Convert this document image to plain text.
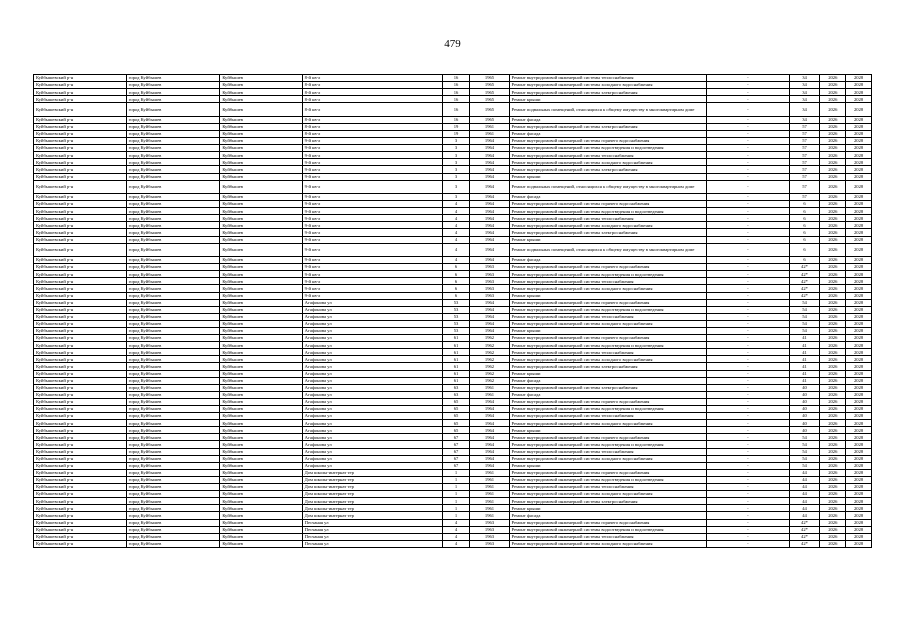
479
Куйбышевский р-н	город Куйбышев	Куйбышев	8-й кв-л	16	1965	Ремонт внутридомовой инженерной системы теплоснабжения	-	34	2026	2028
Куйбышевский р-н	город Куйбышев	Куйбышев	8-й кв-л	16	1965	Ремонт внутридомовой инженерной системы холодного водоснабжения	-	34	2026	2028
Куйбышевский р-н	город Куйбышев	Куйбышев	8-й кв-л	16	1965	Ремонт внутридомовой инженерной системы электроснабжения	-	34	2026	2028
Куйбышевский р-н	город Куйбышев	Куйбышев	8-й кв-л	16	1965	Ремонт крыши	-	34	2026	2028
Куйбышевский р-н	город Куйбышев	Куйбышев	8-й кв-л	16	1965	Ремонт подвальных помещений, относящихся к общему имуществу в многоквартирном доме	-	34	2026	2028
Куйбышевский р-н	город Куйбышев	Куйбышев	8-й кв-л	16	1965	Ремонт фасада	-	34	2026	2028
Куйбышевский р-н	город Куйбышев	Куйбышев	8-й кв-л	19	1961	Ремонт внутридомовой инженерной системы электроснабжения	-	57	2026	2028
Куйбышевский р-н	город Куйбышев	Куйбышев	8-й кв-л	19	1961	Ремонт фасада	-	57	2026	2028
Куйбышевский р-н	город Куйбышев	Куйбышев	9-й кв-л	3	1964	Ремонт внутридомовой инженерной системы горячего водоснабжения	-	57	2026	2028
Куйбышевский р-н	город Куйбышев	Куйбышев	9-й кв-л	3	1964	Ремонт внутридомовой инженерной системы водоотведения и водоотведения	-	57	2026	2028
Куйбышевский р-н	город Куйбышев	Куйбышев	9-й кв-л	3	1964	Ремонт внутридомовой инженерной системы теплоснабжения	-	57	2026	2028
Куйбышевский р-н	город Куйбышев	Куйбышев	9-й кв-л	3	1964	Ремонт внутридомовой инженерной системы холодного водоснабжения	-	57	2026	2028
Куйбышевский р-н	город Куйбышев	Куйбышев	9-й кв-л	3	1964	Ремонт внутридомовой инженерной системы электроснабжения	-	57	2026	2028
Куйбышевский р-н	город Куйбышев	Куйбышев	9-й кв-л	3	1964	Ремонт крыши	-	57	2026	2028
Куйбышевский р-н	город Куйбышев	Куйбышев	9-й кв-л	3	1964	Ремонт подвальных помещений, относящихся к общему имуществу в многоквартирном доме	-	57	2026	2028
Куйбышевский р-н	город Куйбышев	Куйбышев	9-й кв-л	3	1964	Ремонт фасада	-	57	2026	2028
Куйбышевский р-н	город Куйбышев	Куйбышев	9-й кв-л	4	1964	Ремонт внутридомовой инженерной системы горячего водоснабжения	-	6	2026	2028
Куйбышевский р-н	город Куйбышев	Куйбышев	9-й кв-л	4	1964	Ремонт внутридомовой инженерной системы водоотведения и водоотведения	-	6	2026	2028
Куйбышевский р-н	город Куйбышев	Куйбышев	9-й кв-л	4	1964	Ремонт внутридомовой инженерной системы теплоснабжения	-	6	2026	2028
Куйбышевский р-н	город Куйбышев	Куйбышев	9-й кв-л	4	1964	Ремонт внутридомовой инженерной системы холодного водоснабжения	-	6	2026	2028
Куйбышевский р-н	город Куйбышев	Куйбышев	9-й кв-л	4	1964	Ремонт внутридомовой инженерной системы электроснабжения	-	6	2026	2028
Куйбышевский р-н	город Куйбышев	Куйбышев	9-й кв-л	4	1964	Ремонт крыши	-	6	2026	2028
Куйбышевский р-н	город Куйбышев	Куйбышев	9-й кв-л	4	1964	Ремонт подвальных помещений, относящихся к общему имуществу в многоквартирном доме	-	6	2026	2028
Куйбышевский р-н	город Куйбышев	Куйбышев	9-й кв-л	4	1964	Ремонт фасада	-	6	2026	2028
Куйбышевский р-н	город Куйбышев	Куйбышев	9-й кв-л	6	1963	Ремонт внутридомовой инженерной системы горячего водоснабжения	-	42*	2026	2028
Куйбышевский р-н	город Куйбышев	Куйбышев	9-й кв-л	6	1963	Ремонт внутридомовой инженерной системы водоотведения и водоотведения	-	42*	2026	2028
Куйбышевский р-н	город Куйбышев	Куйбышев	9-й кв-л	6	1963	Ремонт внутридомовой инженерной системы теплоснабжения	-	42*	2026	2028
Куйбышевский р-н	город Куйбышев	Куйбышев	9-й кв-л	6	1963	Ремонт внутридомовой инженерной системы холодного водоснабжения	-	42*	2026	2028
Куйбышевский р-н	город Куйбышев	Куйбышев	9-й кв-л	6	1963	Ремонт крыши	-	42*	2026	2028
Куйбышевский р-н	город Куйбышев	Куйбышев	Агафонова ул	53	1964	Ремонт внутридомовой инженерной системы горячего водоснабжения	-	54	2026	2028
Куйбышевский р-н	город Куйбышев	Куйбышев	Агафонова ул	53	1964	Ремонт внутридомовой инженерной системы водоотведения и водоотведения	-	54	2026	2028
Куйбышевский р-н	город Куйбышев	Куйбышев	Агафонова ул	53	1964	Ремонт внутридомовой инженерной системы теплоснабжения	-	54	2026	2028
Куйбышевский р-н	город Куйбышев	Куйбышев	Агафонова ул	53	1964	Ремонт внутридомовой инженерной системы холодного водоснабжения	-	54	2026	2028
Куйбышевский р-н	город Куйбышев	Куйбышев	Агафонова ул	53	1964	Ремонт крыши	-	54	2026	2028
Куйбышевский р-н	город Куйбышев	Куйбышев	Агафонова ул	61	1962	Ремонт внутридомовой инженерной системы горячего водоснабжения	-	41	2026	2028
Куйбышевский р-н	город Куйбышев	Куйбышев	Агафонова ул	61	1962	Ремонт внутридомовой инженерной системы водоотведения и водоотведения	-	41	2026	2028
Куйбышевский р-н	город Куйбышев	Куйбышев	Агафонова ул	61	1962	Ремонт внутридомовой инженерной системы теплоснабжения	-	41	2026	2028
Куйбышевский р-н	город Куйбышев	Куйбышев	Агафонова ул	61	1962	Ремонт внутридомовой инженерной системы холодного водоснабжения	-	41	2026	2028
Куйбышевский р-н	город Куйбышев	Куйбышев	Агафонова ул	61	1962	Ремонт внутридомовой инженерной системы электроснабжения	-	41	2026	2028
Куйбышевский р-н	город Куйбышев	Куйбышев	Агафонова ул	61	1962	Ремонт крыши	-	41	2026	2028
Куйбышевский р-н	город Куйбышев	Куйбышев	Агафонова ул	61	1962	Ремонт фасада	-	41	2026	2028
Куйбышевский р-н	город Куйбышев	Куйбышев	Агафонова ул	63	1961	Ремонт внутридомовой инженерной системы электроснабжения	-	40	2026	2028
Куйбышевский р-н	город Куйбышев	Куйбышев	Агафонова ул	63	1961	Ремонт фасада	-	40	2026	2028
Куйбышевский р-н	город Куйбышев	Куйбышев	Агафонова ул	65	1964	Ремонт внутридомовой инженерной системы горячего водоснабжения	-	40	2026	2028
Куйбышевский р-н	город Куйбышев	Куйбышев	Агафонова ул	65	1964	Ремонт внутридомовой инженерной системы водоотведения и водоотведения	-	40	2026	2028
Куйбышевский р-н	город Куйбышев	Куйбышев	Агафонова ул	65	1964	Ремонт внутридомовой инженерной системы теплоснабжения	-	40	2026	2028
Куйбышевский р-н	город Куйбышев	Куйбышев	Агафонова ул	65	1964	Ремонт внутридомовой инженерной системы холодного водоснабжения	-	40	2026	2028
Куйбышевский р-н	город Куйбышев	Куйбышев	Агафонова ул	65	1964	Ремонт крыши	-	40	2026	2028
Куйбышевский р-н	город Куйбышев	Куйбышев	Агафонова ул	67	1964	Ремонт внутридомовой инженерной системы горячего водоснабжения	-	54	2026	2028
Куйбышевский р-н	город Куйбышев	Куйбышев	Агафонова ул	67	1964	Ремонт внутридомовой инженерной системы водоотведения и водоотведения	-	54	2026	2028
Куйбышевский р-н	город Куйбышев	Куйбышев	Агафонова ул	67	1964	Ремонт внутридомовой инженерной системы теплоснабжения	-	54	2026	2028
Куйбышевский р-н	город Куйбышев	Куйбышев	Агафонова ул	67	1964	Ремонт внутридомовой инженерной системы холодного водоснабжения	-	54	2026	2028
Куйбышевский р-н	город Куйбышев	Куйбышев	Агафонова ул	67	1964	Ремонт крыши	-	54	2026	2028
Куйбышевский р-н	город Куйбышев	Куйбышев	Дом школы-интернат тер	1	1961	Ремонт внутридомовой инженерной системы горячего водоснабжения	-	44	2026	2028
Куйбышевский р-н	город Куйбышев	Куйбышев	Дом школы-интернат тер	1	1961	Ремонт внутридомовой инженерной системы водоотведения и водоотведения	-	44	2026	2028
Куйбышевский р-н	город Куйбышев	Куйбышев	Дом школы-интернат тер	1	1961	Ремонт внутридомовой инженерной системы теплоснабжения	-	44	2026	2028
Куйбышевский р-н	город Куйбышев	Куйбышев	Дом школы-интернат тер	1	1961	Ремонт внутридомовой инженерной системы холодного водоснабжения	-	44	2026	2028
Куйбышевский р-н	город Куйбышев	Куйбышев	Дом школы-интернат тер	1	1961	Ремонт внутридомовой инженерной системы электроснабжения	-	44	2026	2028
Куйбышевский р-н	город Куйбышев	Куйбышев	Дом школы-интернат тер	1	1961	Ремонт крыши	-	44	2026	2028
Куйбышевский р-н	город Куйбышев	Куйбышев	Дом школы-интернат тер	1	1961	Ремонт фасада	-	44	2026	2028
Куйбышевский р-н	город Куйбышев	Куйбышев	Песчаная ул	4	1963	Ремонт внутридомовой инженерной системы горячего водоснабжения	-	42*	2026	2028
Куйбышевский р-н	город Куйбышев	Куйбышев	Песчаная ул	4	1963	Ремонт внутридомовой инженерной системы водоотведения и водоотведения	-	42*	2026	2028
Куйбышевский р-н	город Куйбышев	Куйбышев	Песчаная ул	4	1963	Ремонт внутридомовой инженерной системы теплоснабжения	-	42*	2026	2028
Куйбышевский р-н	город Куйбышев	Куйбышев	Песчаная ул	4	1963	Ремонт внутридомовой инженерной системы холодного водоснабжения	-	42*	2026	2028
